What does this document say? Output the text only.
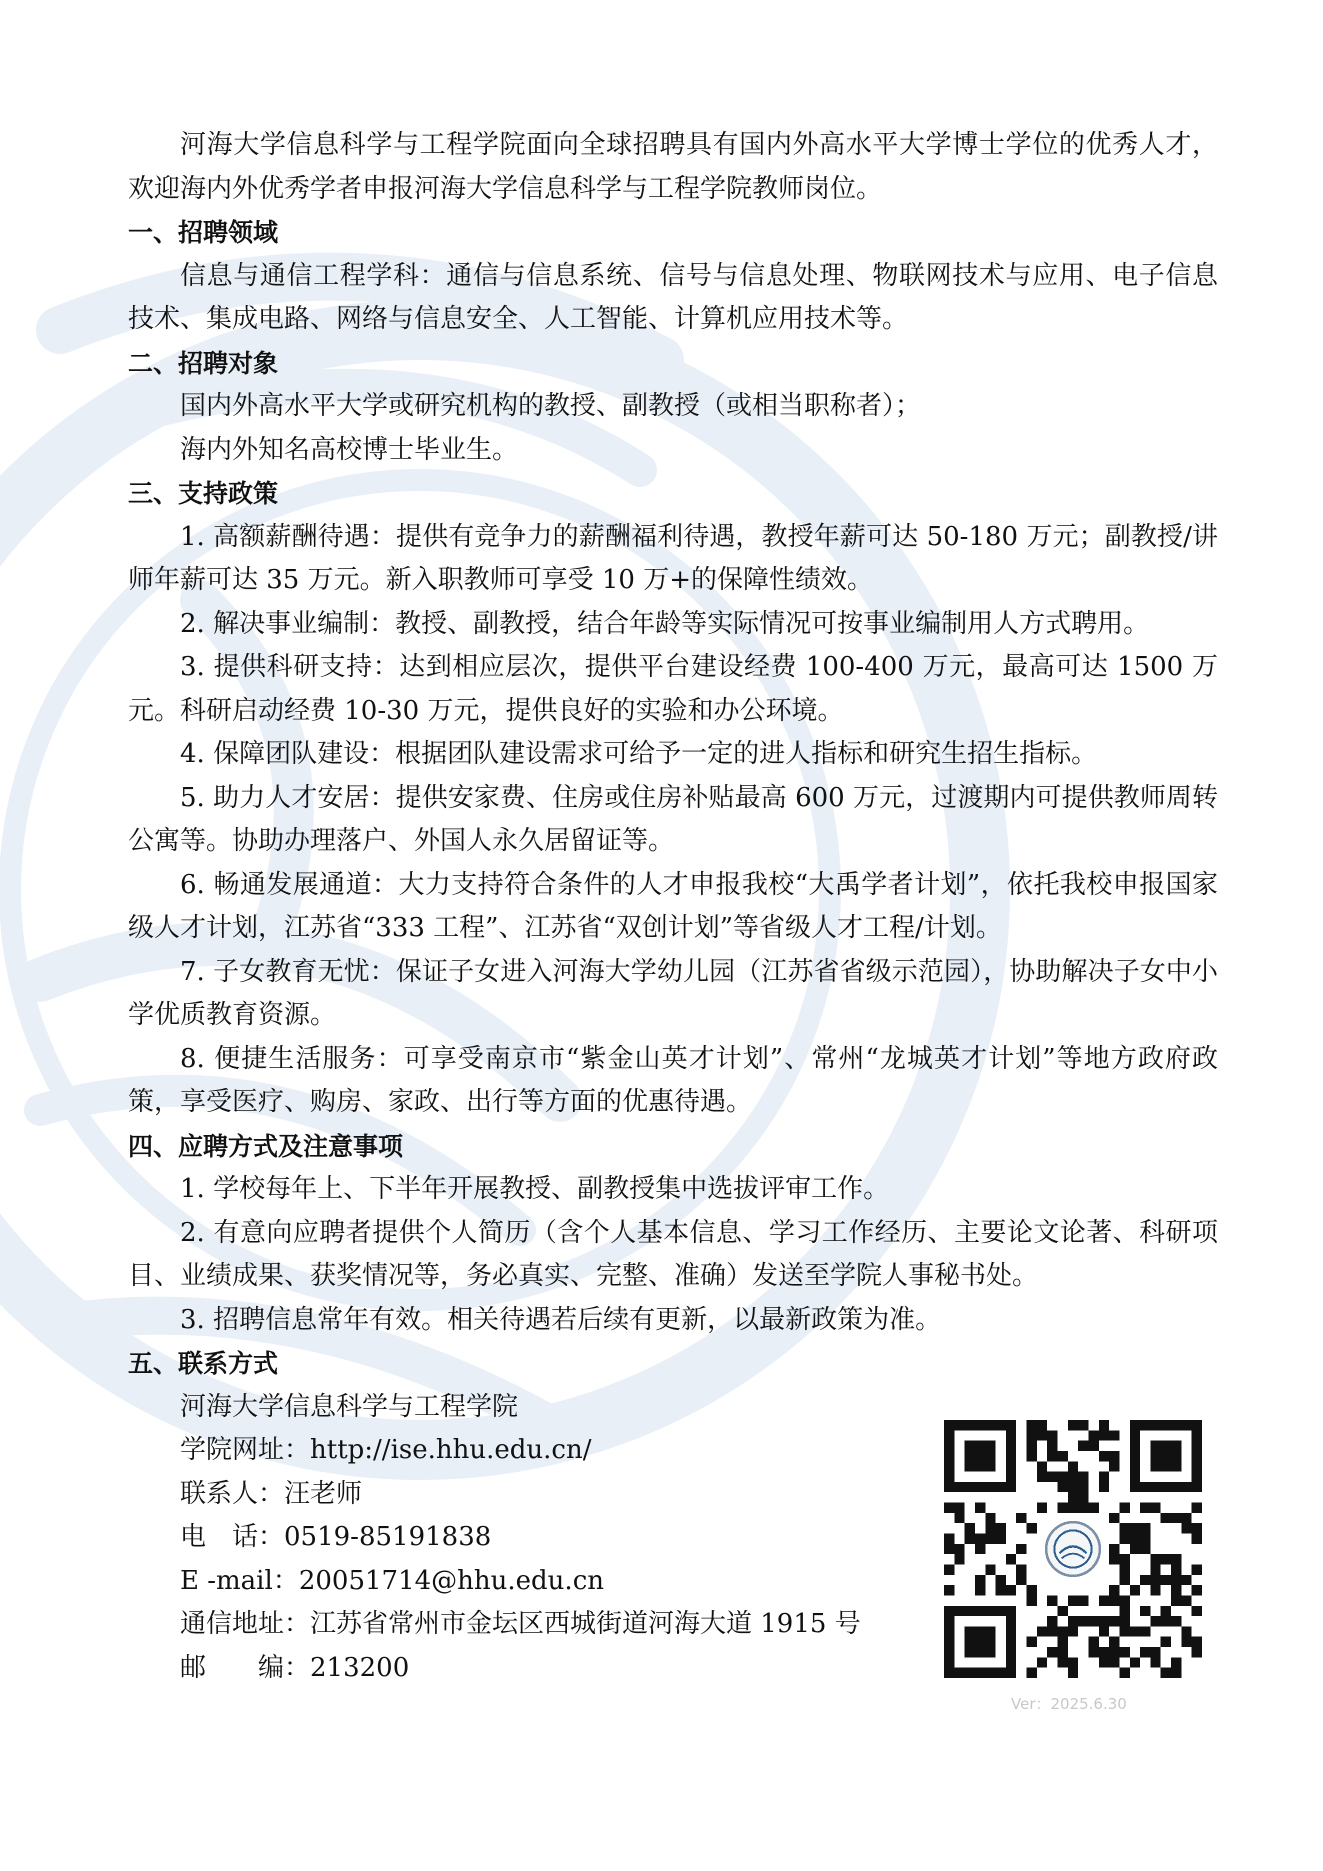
河海大学信息科学与工程学院面向全球招聘具有国内外高水平大学博士学位的优秀人才，欢迎海内外优秀学者申报河海大学信息科学与工程学院教师岗位。

一、招聘领域

信息与通信工程学科：通信与信息系统、信号与信息处理、物联网技术与应用、电子信息技术、集成电路、网络与信息安全、人工智能、计算机应用技术等。

二、招聘对象

国内外高水平大学或研究机构的教授、副教授（或相当职称者）；

海内外知名高校博士毕业生。

三、支持政策

1. 高额薪酬待遇：提供有竞争力的薪酬福利待遇，教授年薪可达 50-180 万元；副教授/讲师年薪可达 35 万元。新入职教师可享受 10 万+的保障性绩效。

2. 解决事业编制：教授、副教授，结合年龄等实际情况可按事业编制用人方式聘用。

3. 提供科研支持：达到相应层次，提供平台建设经费 100-400 万元，最高可达 1500 万元。科研启动经费 10-30 万元，提供良好的实验和办公环境。

4. 保障团队建设：根据团队建设需求可给予一定的进人指标和研究生招生指标。

5. 助力人才安居：提供安家费、住房或住房补贴最高 600 万元，过渡期内可提供教师周转公寓等。协助办理落户、外国人永久居留证等。

6. 畅通发展通道：大力支持符合条件的人才申报我校“大禹学者计划”，依托我校申报国家级人才计划，江苏省“333 工程”、江苏省“双创计划”等省级人才工程/计划。

7. 子女教育无忧：保证子女进入河海大学幼儿园（江苏省省级示范园），协助解决子女中小学优质教育资源。

8. 便捷生活服务：可享受南京市“紫金山英才计划”、常州“龙城英才计划”等地方政府政策，享受医疗、购房、家政、出行等方面的优惠待遇。

四、应聘方式及注意事项

1. 学校每年上、下半年开展教授、副教授集中选拔评审工作。

2. 有意向应聘者提供个人简历（含个人基本信息、学习工作经历、主要论文论著、科研项目、业绩成果、获奖情况等，务必真实、完整、准确）发送至学院人事秘书处。

3. 招聘信息常年有效。相关待遇若后续有更新，以最新政策为准。

五、联系方式

河海大学信息科学与工程学院

学院网址：http://ise.hhu.edu.cn/

联系人：汪老师

电　话：0519-85191838

E -mail：20051714@hhu.edu.cn

通信地址：江苏省常州市金坛区西城街道河海大道 1915 号

邮　　编：213200

Ver：2025.6.30
